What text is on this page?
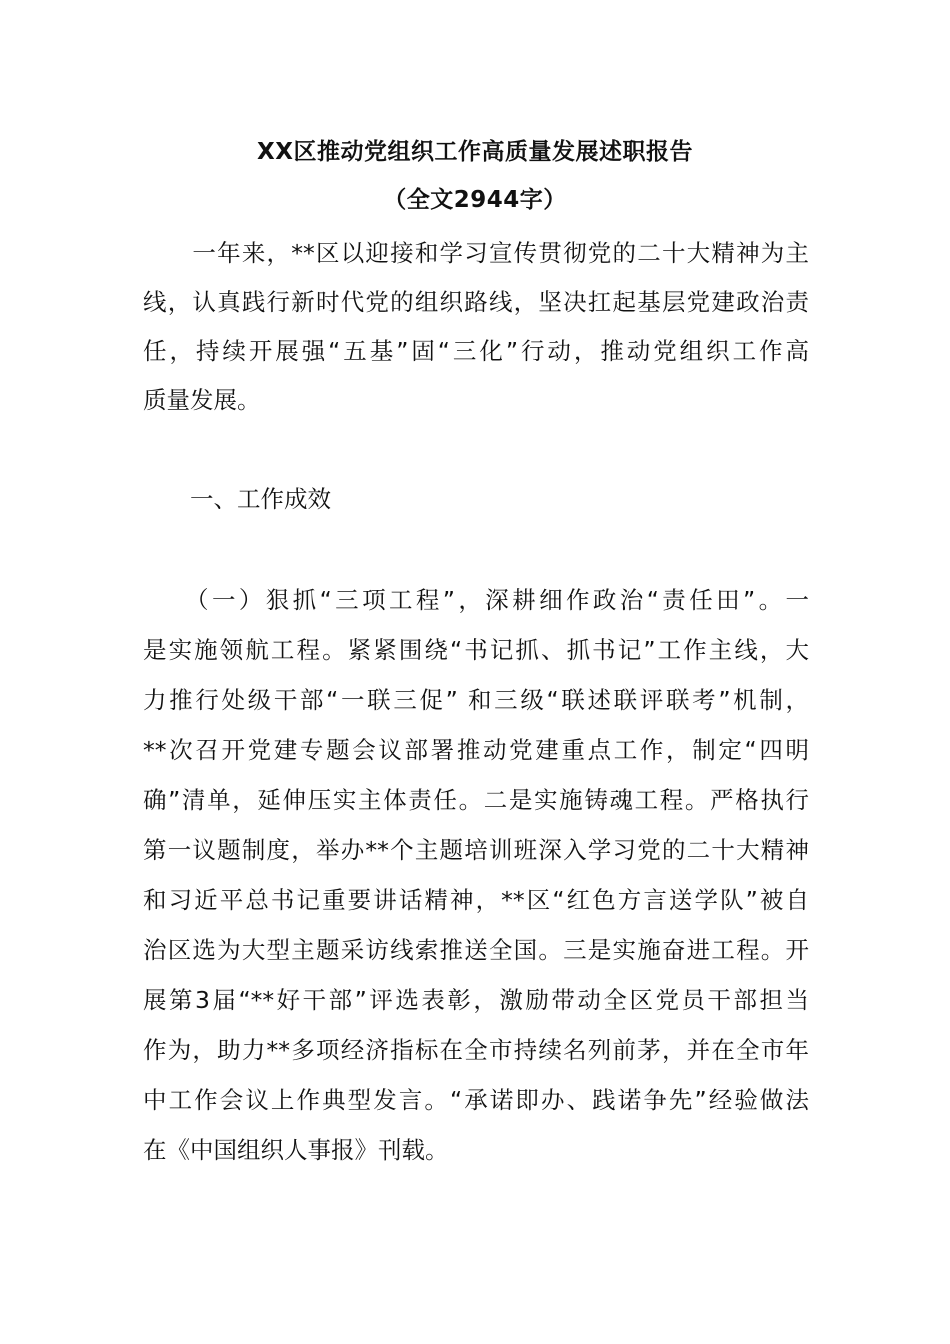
XX区推动党组织工作高质量发展述职报告
（全文2944字）
　　一年来，**区以迎接和学习宣传贯彻党的二十大精神为主
线，认真践行新时代党的组织路线，坚决扛起基层党建政治责
任，持续开展强“五基”固“三化”行动，推动党组织工作高
质量发展。
一、工作成效
　　（一）狠抓“三项工程”，深耕细作政治“责任田”。一
是实施领航工程。紧紧围绕“书记抓、抓书记”工作主线，大
力推行处级干部“一联三促” 和三级“联述联评联考”机制，
**次召开党建专题会议部署推动党建重点工作，制定“四明
确”清单，延伸压实主体责任。二是实施铸魂工程。严格执行
第一议题制度，举办**个主题培训班深入学习党的二十大精神
和习近平总书记重要讲话精神，**区“红色方言送学队”被自
治区选为大型主题采访线索推送全国。三是实施奋进工程。开
展第3届“**好干部”评选表彰，激励带动全区党员干部担当
作为，助力**多项经济指标在全市持续名列前茅，并在全市年
中工作会议上作典型发言。“承诺即办、践诺争先”经验做法
在《中国组织人事报》刊载。
